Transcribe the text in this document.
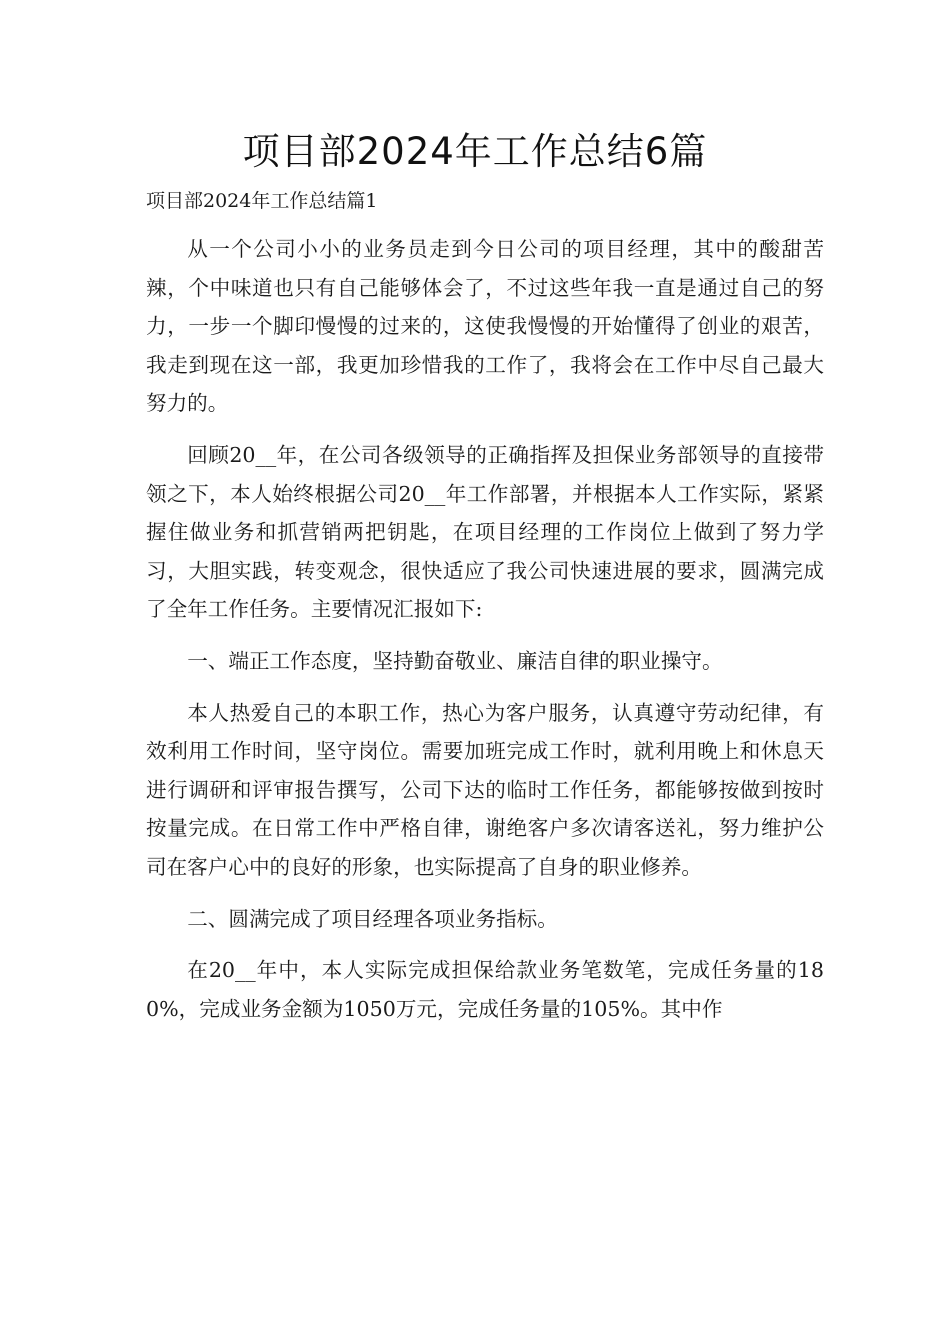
项目部2024年工作总结6篇

项目部2024年工作总结篇1

从一个公司小小的业务员走到今日公司的项目经理，其中的酸甜苦辣，个中味道也只有自己能够体会了，不过这些年我一直是通过自己的努力，一步一个脚印慢慢的过来的，这使我慢慢的开始懂得了创业的艰苦，我走到现在这一部，我更加珍惜我的工作了，我将会在工作中尽自己最大努力的。

回顾20__年，在公司各级领导的正确指挥及担保业务部领导的直接带领之下，本人始终根据公司20__年工作部署，并根据本人工作实际，紧紧握住做业务和抓营销两把钥匙，在项目经理的工作岗位上做到了努力学习，大胆实践，转变观念，很快适应了我公司快速进展的要求，圆满完成了全年工作任务。主要情况汇报如下:

一、端正工作态度，坚持勤奋敬业、廉洁自律的职业操守。

本人热爱自己的本职工作，热心为客户服务，认真遵守劳动纪律，有效利用工作时间，坚守岗位。需要加班完成工作时，就利用晚上和休息天进行调研和评审报告撰写，公司下达的临时工作任务，都能够按做到按时按量完成。在日常工作中严格自律，谢绝客户多次请客送礼，努力维护公司在客户心中的良好的形象，也实际提高了自身的职业修养。

二、圆满完成了项目经理各项业务指标。

在20__年中，本人实际完成担保给款业务笔数笔，完成任务量的180%，完成业务金额为1050万元，完成任务量的105%。其中作
